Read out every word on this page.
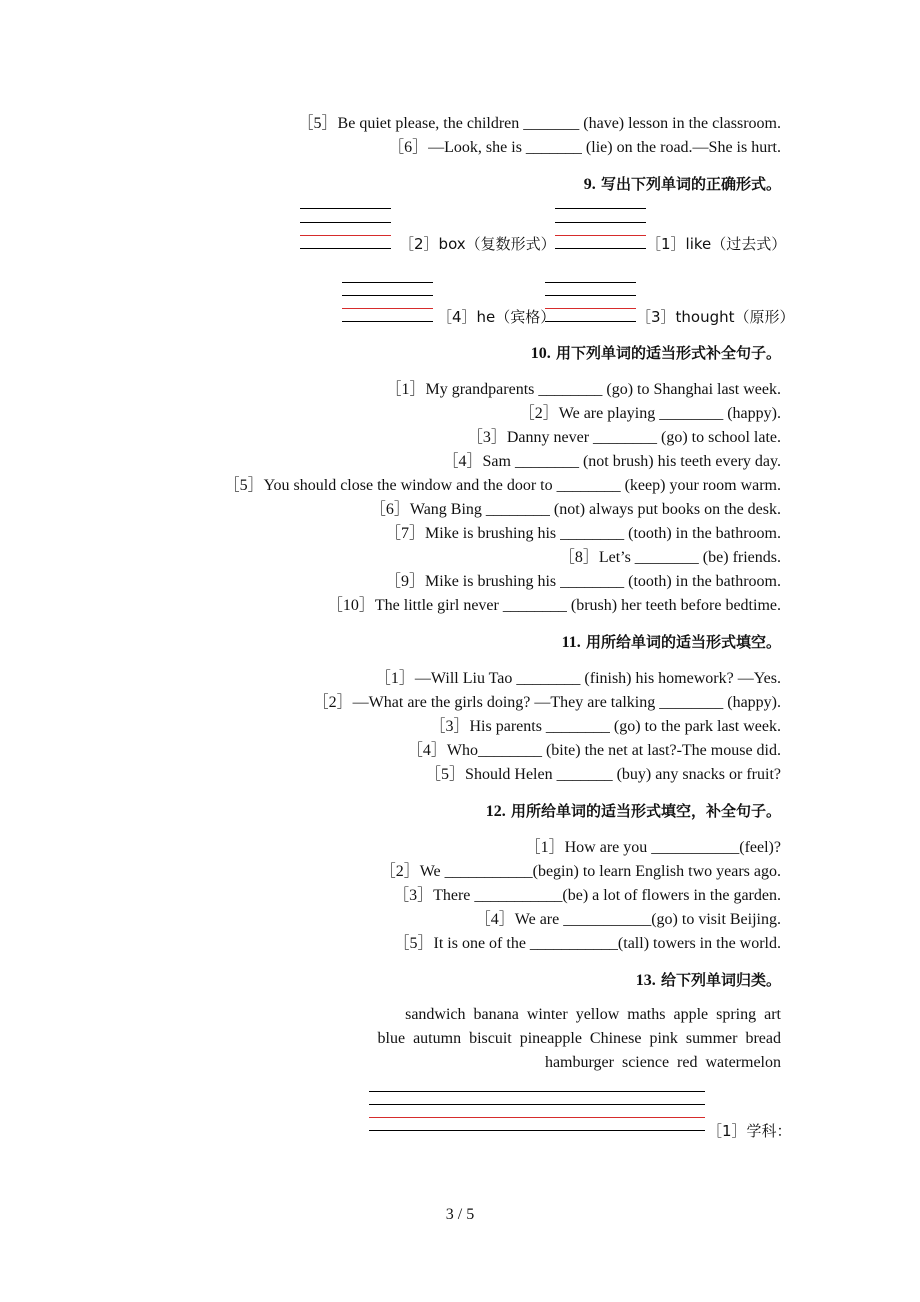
［5］Be quiet please, the children _______ (have) lesson in the classroom.
［6］—Look, she is _______ (lie) on the road.—She is hurt.
9. 写出下列单词的正确形式。
［2］box（复数形式）	［1］like（过去式）
［4］he（宾格）	［3］thought（原形）
10. 用下列单词的适当形式补全句子。
［1］My grandparents ________ (go) to Shanghai last week.
［2］We are playing ________ (happy).
［3］Danny never ________ (go) to school late.
［4］Sam ________ (not brush) his teeth every day.
［5］You should close the window and the door to ________ (keep) your room warm.
［6］Wang Bing ________ (not) always put books on the desk.
［7］Mike is brushing his ________ (tooth) in the bathroom.
［8］Let’s ________ (be) friends.
［9］Mike is brushing his ________ (tooth) in the bathroom.
［10］The little girl never ________ (brush) her teeth before bedtime.
11. 用所给单词的适当形式填空。
［1］—Will Liu Tao ________ (finish) his homework? —Yes.
［2］—What are the girls doing? —They are talking ________ (happy).
［3］His parents ________ (go) to the park last week.
［4］Who________ (bite) the net at last?-The mouse did.
［5］Should Helen _______ (buy) any snacks or fruit?
12. 用所给单词的适当形式填空，补全句子。
［1］How are you ___________(feel)?
［2］We ___________(begin) to learn English two years ago.
［3］There ___________(be) a lot of flowers in the garden.
［4］We are ___________(go) to visit Beijing.
［5］It is one of the ___________(tall) towers in the world.
13. 给下列单词归类。
sandwich banana winter yellow maths apple spring art
blue autumn biscuit pineapple Chinese pink summer bread
hamburger science red watermelon
［1］学科：
3 / 5
